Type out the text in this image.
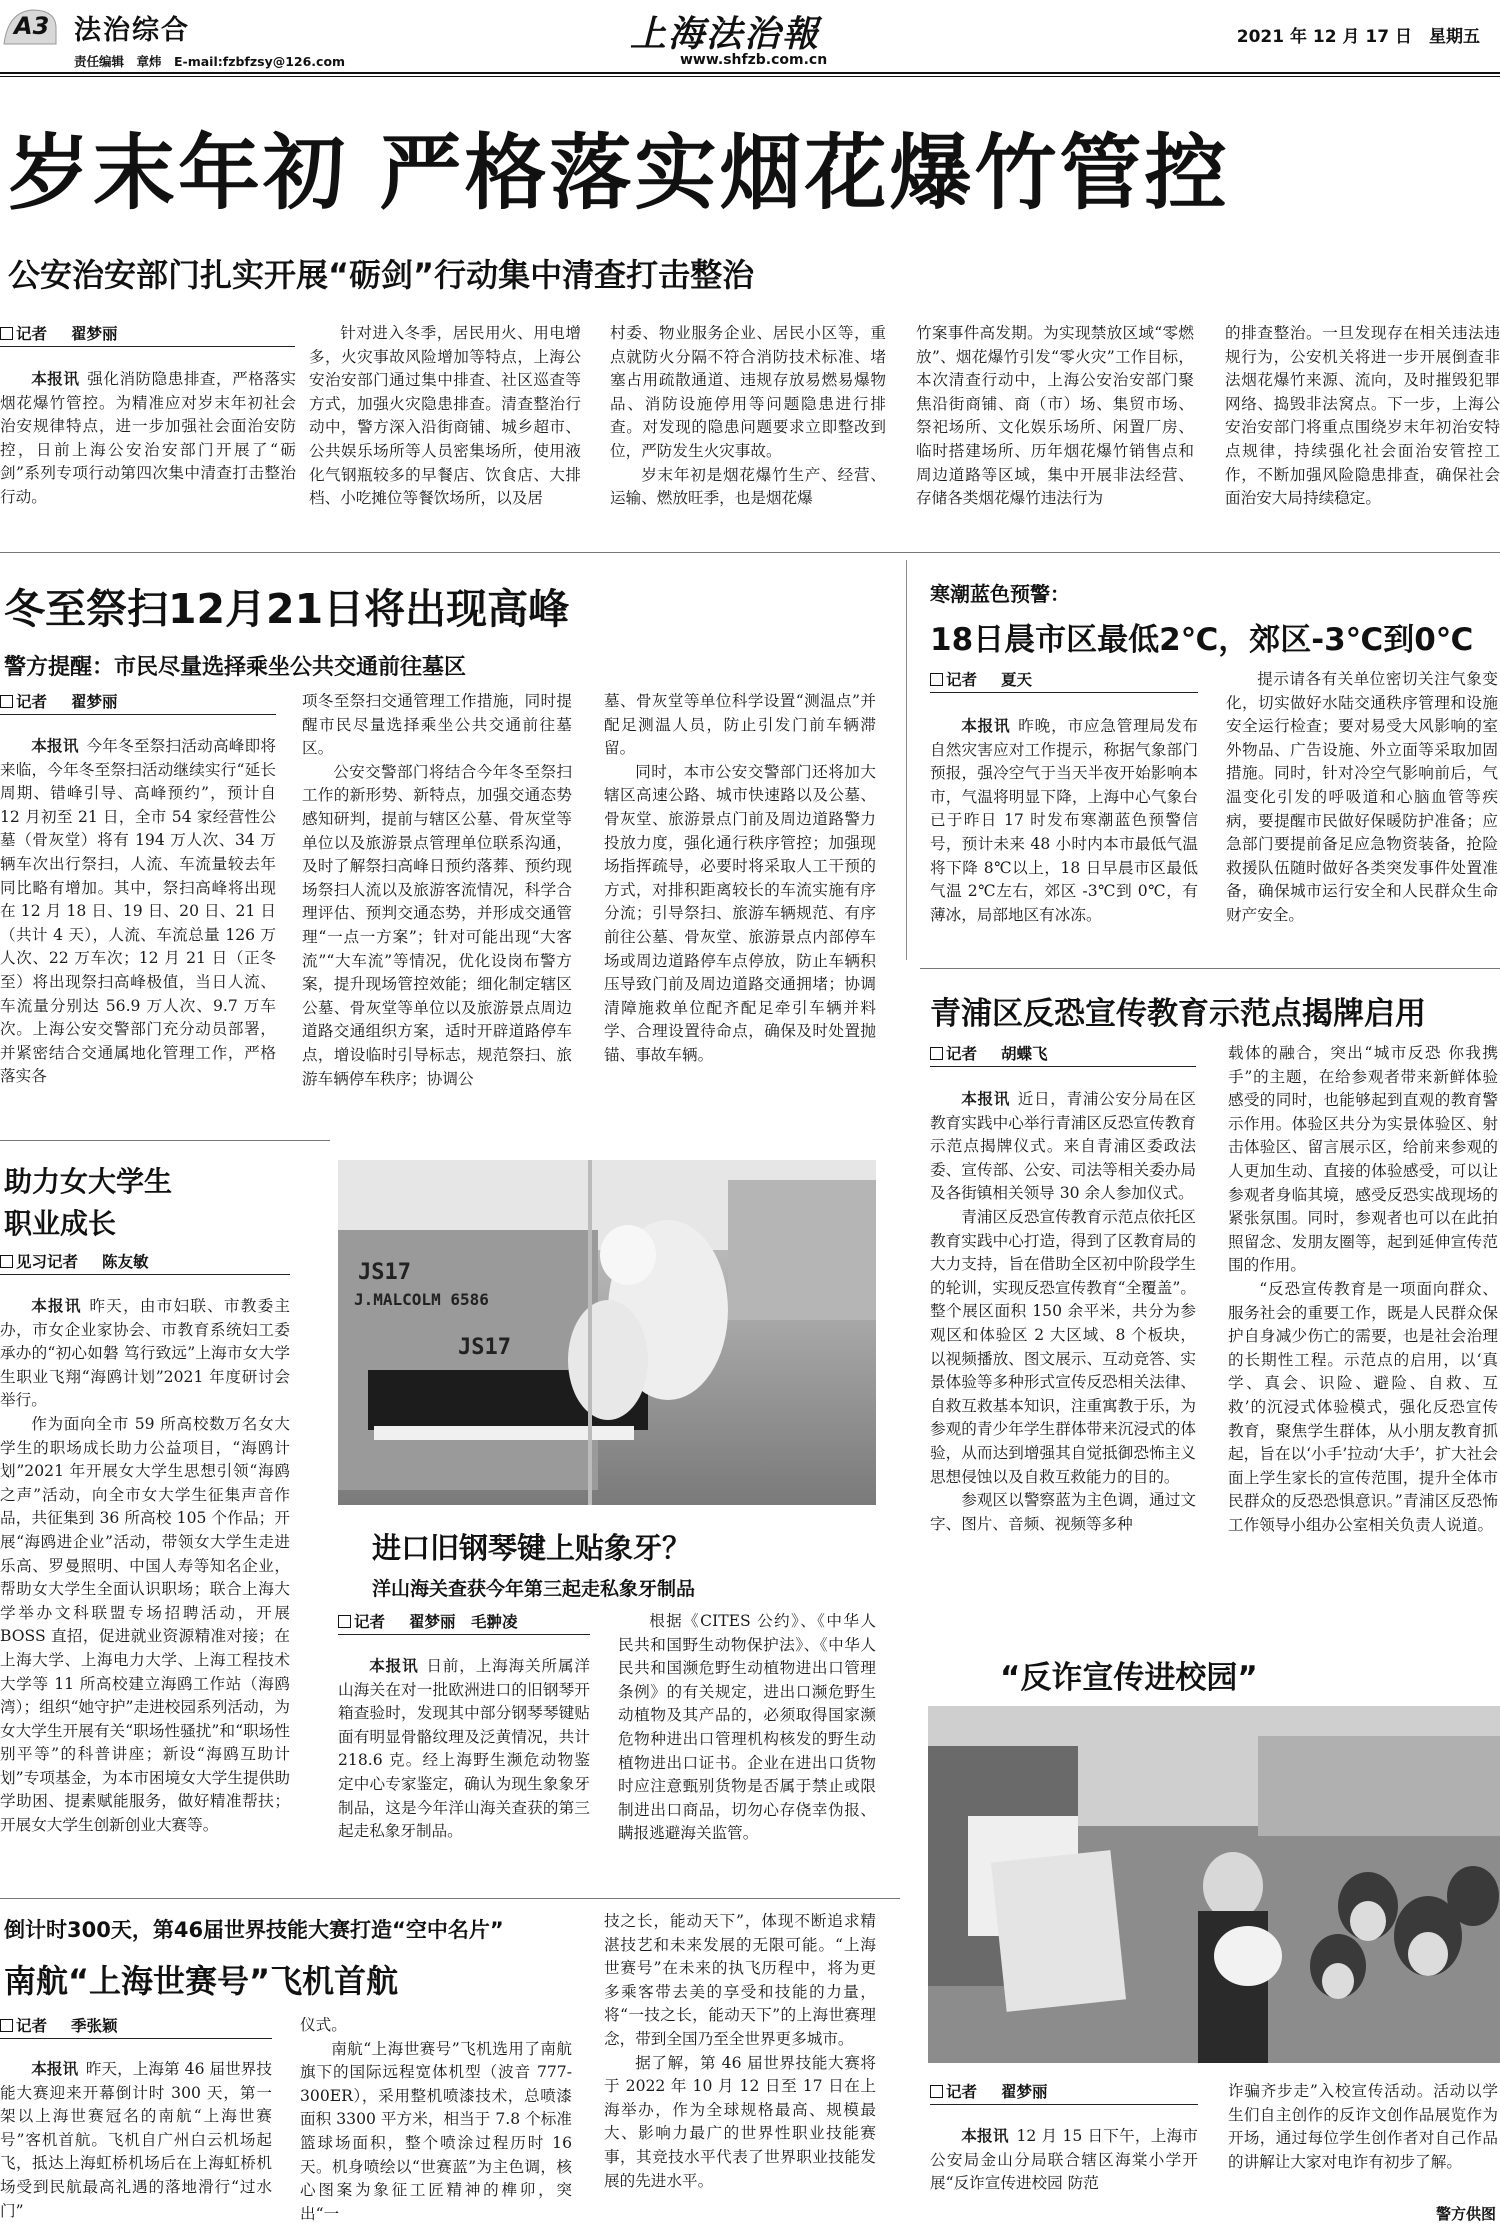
A3 法治综合
责任编辑　章炜　E-mail:fzbfzsy@126.com
上海法治報
www.shfzb.com.cn
2021 年 12 月 17 日　星期五
岁末年初 严格落实烟花爆竹管控
公安治安部门扎实开展“砺剑”行动集中清查打击整治
记者 翟梦丽

本报讯 强化消防隐患排查，严格落实烟花爆竹管控。为精准应对岁末年初社会治安规律特点，进一步加强社会面治安防控，日前上海公安治安部门开展了“砺剑”系列专项行动第四次集中清查打击整治行动。

针对进入冬季，居民用火、用电增多，火灾事故风险增加等特点，上海公安治安部门通过集中排查、社区巡查等方式，加强火灾隐患排查。清查整治行动中，警方深入沿街商铺、城乡超市、公共娱乐场所等人员密集场所，使用液化气钢瓶较多的早餐店、饮食店、大排档、小吃摊位等餐饮场所，以及居

村委、物业服务企业、居民小区等，重点就防火分隔不符合消防技术标准、堵塞占用疏散通道、违规存放易燃易爆物品、消防设施停用等问题隐患进行排查。对发现的隐患问题要求立即整改到位，严防发生火灾事故。

岁末年初是烟花爆竹生产、经营、运输、燃放旺季，也是烟花爆

竹案事件高发期。为实现禁放区域“零燃放”、烟花爆竹引发“零火灾”工作目标，本次清查行动中，上海公安治安部门聚焦沿街商铺、商（市）场、集贸市场、祭祀场所、文化娱乐场所、闲置厂房、临时搭建场所、历年烟花爆竹销售点和周边道路等区域，集中开展非法经营、存储各类烟花爆竹违法行为

的排查整治。一旦发现存在相关违法违规行为，公安机关将进一步开展倒查非法烟花爆竹来源、流向，及时摧毁犯罪网络、捣毁非法窝点。下一步，上海公安治安部门将重点围绕岁末年初治安特点规律，持续强化社会面治安管控工作，不断加强风险隐患排查，确保社会面治安大局持续稳定。

冬至祭扫12月21日将出现高峰
警方提醒：市民尽量选择乘坐公共交通前往墓区
记者 翟梦丽

本报讯 今年冬至祭扫活动高峰即将来临，今年冬至祭扫活动继续实行“延长周期、错峰引导、高峰预约”，预计自 12 月初至 21 日，全市 54 家经营性公墓（骨灰堂）将有 194 万人次、34 万辆车次出行祭扫，人流、车流量较去年同比略有增加。其中，祭扫高峰将出现在 12 月 18 日、19 日、20 日、21 日（共计 4 天），人流、车流总量 126 万人次、22 万车次；12 月 21 日（正冬至）将出现祭扫高峰极值，当日人流、车流量分别达 56.9 万人次、9.7 万车次。上海公安交警部门充分动员部署，并紧密结合交通属地化管理工作，严格落实各

项冬至祭扫交通管理工作措施，同时提醒市民尽量选择乘坐公共交通前往墓区。

公安交警部门将结合今年冬至祭扫工作的新形势、新特点，加强交通态势感知研判，提前与辖区公墓、骨灰堂等单位以及旅游景点管理单位联系沟通，及时了解祭扫高峰日预约落葬、预约现场祭扫人流以及旅游客流情况，科学合理评估、预判交通态势，并形成交通管理“一点一方案”；针对可能出现“大客流”“大车流”等情况，优化设岗布警方案，提升现场管控效能；细化制定辖区公墓、骨灰堂等单位以及旅游景点周边道路交通组织方案，适时开辟道路停车点，增设临时引导标志，规范祭扫、旅游车辆停车秩序；协调公

墓、骨灰堂等单位科学设置“测温点”并配足测温人员，防止引发门前车辆滞留。

同时，本市公安交警部门还将加大辖区高速公路、城市快速路以及公墓、骨灰堂、旅游景点门前及周边道路警力投放力度，强化通行秩序管控；加强现场指挥疏导，必要时将采取人工干预的方式，对排积距离较长的车流实施有序分流；引导祭扫、旅游车辆规范、有序前往公墓、骨灰堂、旅游景点内部停车场或周边道路停车点停放，防止车辆积压导致门前及周边道路交通拥堵；协调清障施救单位配齐配足牵引车辆并料学、合理设置待命点，确保及时处置抛锚、事故车辆。

寒潮蓝色预警：
18日晨市区最低2℃，郊区-3℃到0℃
记者 夏天

本报讯 昨晚，市应急管理局发布自然灾害应对工作提示，称据气象部门预报，强冷空气于当天半夜开始影响本市，气温将明显下降，上海中心气象台已于昨日 17 时发布寒潮蓝色预警信号，预计未来 48 小时内本市最低气温将下降 8℃以上，18 日早晨市区最低气温 2℃左右，郊区 -3℃到 0℃，有薄冰，局部地区有冰冻。

提示请各有关单位密切关注气象变化，切实做好水陆交通秩序管理和设施安全运行检查；要对易受大风影响的室外物品、广告设施、外立面等采取加固措施。同时，针对冷空气影响前后，气温变化引发的呼吸道和心脑血管等疾病，要提醒市民做好保暖防护准备；应急部门要提前备足应急物资装备，抢险救援队伍随时做好各类突发事件处置准备，确保城市运行安全和人民群众生命财产安全。

青浦区反恐宣传教育示范点揭牌启用
记者 胡蝶飞

本报讯 近日，青浦公安分局在区教育实践中心举行青浦区反恐宣传教育示范点揭牌仪式。来自青浦区委政法委、宣传部、公安、司法等相关委办局及各街镇相关领导 30 余人参加仪式。

青浦区反恐宣传教育示范点依托区教育实践中心打造，得到了区教育局的大力支持，旨在借助全区初中阶段学生的轮训，实现反恐宣传教育“全覆盖”。整个展区面积 150 余平米，共分为参观区和体验区 2 大区域、8 个板块，以视频播放、图文展示、互动竞答、实景体验等多种形式宣传反恐相关法律、自救互救基本知识，注重寓教于乐，为参观的青少年学生群体带来沉浸式的体验，从而达到增强其自觉抵御恐怖主义思想侵蚀以及自救互救能力的目的。

参观区以警察蓝为主色调，通过文字、图片、音频、视频等多种

载体的融合，突出“城市反恐 你我携手”的主题，在给参观者带来新鲜体验感受的同时，也能够起到直观的教育警示作用。体验区共分为实景体验区、射击体验区、留言展示区，给前来参观的人更加生动、直接的体验感受，可以让参观者身临其境，感受反恐实战现场的紧张氛围。同时，参观者也可以在此拍照留念、发朋友圈等，起到延伸宣传范围的作用。

“反恐宣传教育是一项面向群众、服务社会的重要工作，既是人民群众保护自身减少伤亡的需要，也是社会治理的长期性工程。示范点的启用，以‘真学、真会、识险、避险、自救、互救’的沉浸式体验模式，强化反恐宣传教育，聚焦学生群体，从小朋友教育抓起，旨在以‘小手’拉动‘大手’，扩大社会面上学生家长的宣传范围，提升全体市民群众的反恐恐惧意识。”青浦区反恐怖工作领导小组办公室相关负责人说道。

助力女大学生
职业成长
见习记者 陈友敏

本报讯 昨天，由市妇联、市教委主办，市女企业家协会、市教育系统妇工委承办的“初心如磐 笃行致远”上海市女大学生职业飞翔“海鸥计划”2021 年度研讨会举行。

作为面向全市 59 所高校数万名女大学生的职场成长助力公益项目，“海鸥计划”2021 年开展女大学生思想引领“海鸥之声”活动，向全市女大学生征集声音作品，共征集到 36 所高校 105 个作品；开展“海鸥进企业”活动，带领女大学生走进乐高、罗曼照明、中国人寿等知名企业，帮助女大学生全面认识职场；联合上海大学举办文科联盟专场招聘活动，开展 BOSS 直招，促进就业资源精准对接；在上海大学、上海电力大学、上海工程技术大学等 11 所高校建立海鸥工作站（海鸥湾）；组织“她守护”走进校园系列活动，为女大学生开展有关“职场性骚扰”和“职场性别平等”的科普讲座；新设“海鸥互助计划”专项基金，为本市困境女大学生提供助学助困、提素赋能服务，做好精准帮扶；开展女大学生创新创业大赛等。

JS17
J.MALCOLM 6586
JS17
进口旧钢琴键上贴象牙？
洋山海关查获今年第三起走私象牙制品
记者 翟梦丽　毛翀凌

本报讯 日前，上海海关所属洋山海关在对一批欧洲进口的旧钢琴开箱查验时，发现其中部分钢琴琴键贴面有明显骨骼纹理及泛黄情况，共计 218.6 克。经上海野生濒危动物鉴定中心专家鉴定，确认为现生象象牙制品，这是今年洋山海关查获的第三起走私象牙制品。

根据《CITES 公约》、《中华人民共和国野生动物保护法》、《中华人民共和国濒危野生动植物进出口管理条例》的有关规定，进出口濒危野生动植物及其产品的，必须取得国家濒危物种进出口管理机构核发的野生动植物进出口证书。企业在进出口货物时应注意甄别货物是否属于禁止或限制进出口商品，切勿心存侥幸伪报、瞒报逃避海关监管。

“反诈宣传进校园”
记者 翟梦丽

本报讯 12 月 15 日下午，上海市公安局金山分局联合辖区海棠小学开展“反诈宣传进校园 防范

诈骗齐步走”入校宣传活动。活动以学生们自主创作的反诈文创作品展览作为开场，通过每位学生创作者对自己作品的讲解让大家对电诈有初步了解。

警方供图
倒计时300天，第46届世界技能大赛打造“空中名片”
南航“上海世赛号”飞机首航
记者 季张颖

本报讯 昨天，上海第 46 届世界技能大赛迎来开幕倒计时 300 天，第一架以上海世赛冠名的南航“上海世赛号”客机首航。飞机自广州白云机场起飞，抵达上海虹桥机场后在上海虹桥机场受到民航最高礼遇的落地滑行“过水门”

仪式。

南航“上海世赛号”飞机选用了南航旗下的国际远程宽体机型（波音 777-300ER），采用整机喷漆技术，总喷漆面积 3300 平方米，相当于 7.8 个标准篮球场面积，整个喷涂过程历时 16 天。机身喷绘以“世赛蓝”为主色调，核心图案为象征工匠精神的榫卯，突出“一

技之长，能动天下”，体现不断追求精湛技艺和未来发展的无限可能。“上海世赛号”在未来的执飞历程中，将为更多乘客带去美的享受和技能的力量，将“一技之长，能动天下”的上海世赛理念，带到全国乃至全世界更多城市。

据了解，第 46 届世界技能大赛将于 2022 年 10 月 12 日至 17 日在上海举办，作为全球规格最高、规模最大、影响力最广的世界性职业技能赛事，其竞技水平代表了世界职业技能发展的先进水平。
